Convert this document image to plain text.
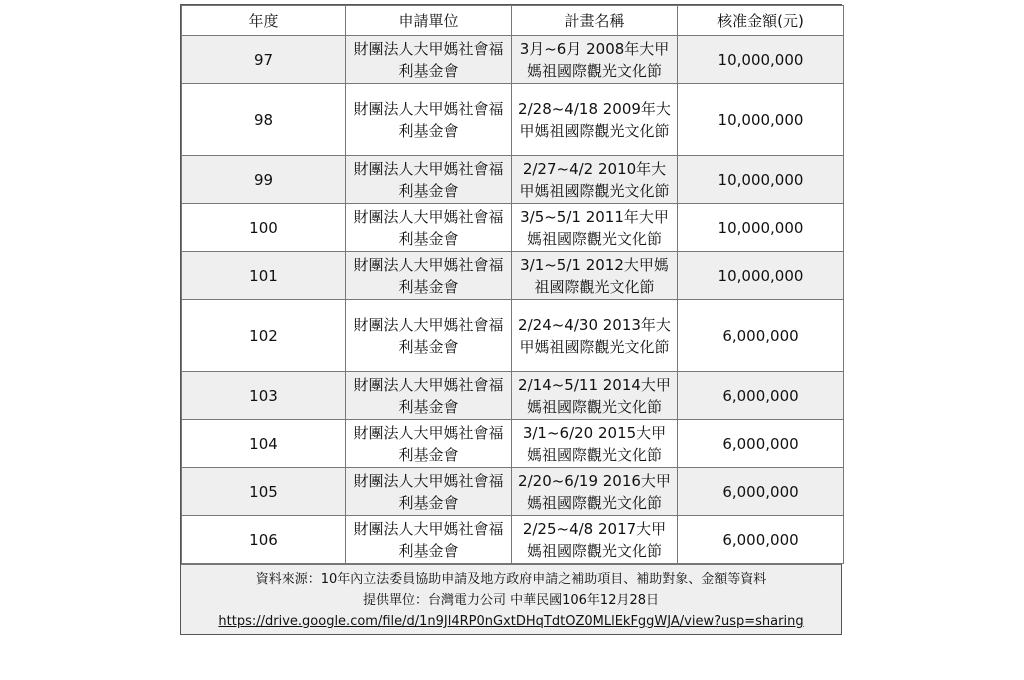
年度	申請單位	計畫名稱	核准金額(元)
97	財團法人大甲媽社會福利基金會	3月~6月 2008年大甲媽祖國際觀光文化節	10,000,000
98	財團法人大甲媽社會福利基金會	2/28~4/18 2009年大甲媽祖國際觀光文化節	10,000,000
99	財團法人大甲媽社會福利基金會	2/27~4/2 2010年大甲媽祖國際觀光文化節	10,000,000
100	財團法人大甲媽社會福利基金會	3/5~5/1 2011年大甲媽祖國際觀光文化節	10,000,000
101	財團法人大甲媽社會福利基金會	3/1~5/1 2012大甲媽祖國際觀光文化節	10,000,000
102	財團法人大甲媽社會福利基金會	2/24~4/30 2013年大甲媽祖國際觀光文化節	6,000,000
103	財團法人大甲媽社會福利基金會	2/14~5/11 2014大甲媽祖國際觀光文化節	6,000,000
104	財團法人大甲媽社會福利基金會	3/1~6/20 2015大甲媽祖國際觀光文化節	6,000,000
105	財團法人大甲媽社會福利基金會	2/20~6/19 2016大甲媽祖國際觀光文化節	6,000,000
106	財團法人大甲媽社會福利基金會	2/25~4/8 2017大甲媽祖國際觀光文化節	6,000,000
資料來源：10年內立法委員協助申請及地方政府申請之補助項目、補助對象、金額等資料
提供單位：台灣電力公司 中華民國106年12月28日
https://drive.google.com/file/d/1n9Jl4RP0nGxtDHqTdtOZ0MLlEkFggWJA/view?usp=sharing
